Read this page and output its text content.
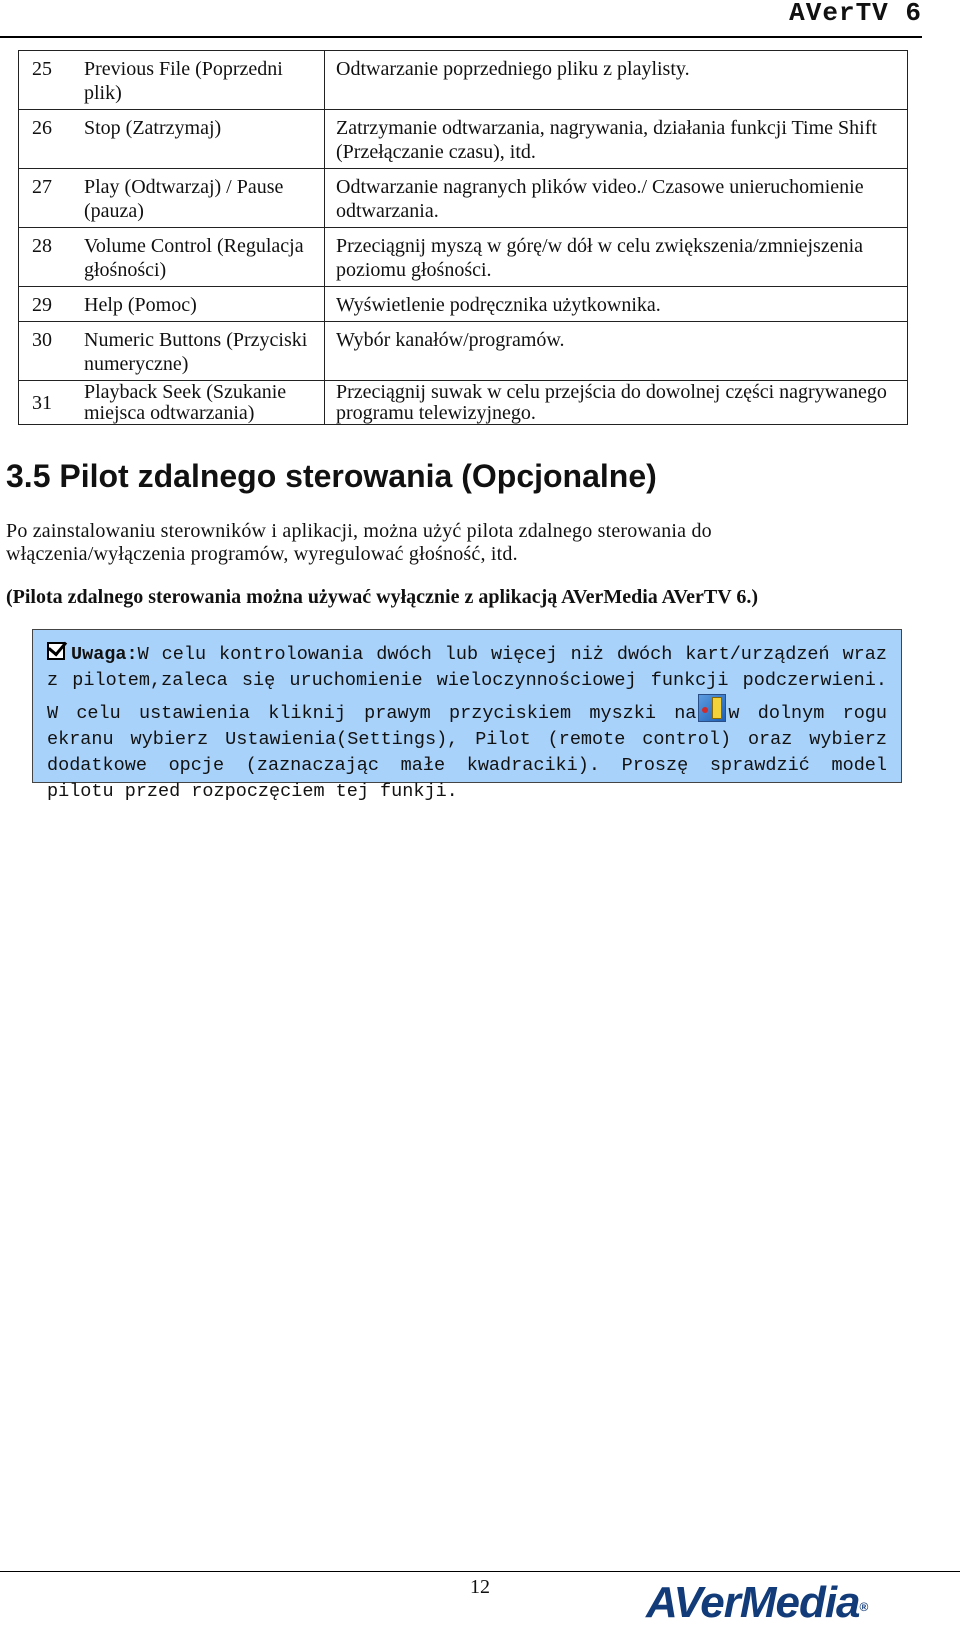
AVerTV 6
25	Previous File (Poprzedni plik)	Odtwarzanie poprzedniego pliku z playlisty.
26	Stop (Zatrzymaj)	Zatrzymanie odtwarzania, nagrywania, działania funkcji Time Shift (Przełączanie czasu), itd.
27	Play (Odtwarzaj) / Pause (pauza)	Odtwarzanie nagranych plików video./ Czasowe unieruchomienie odtwarzania.
28	Volume Control (Regulacja głośności)	Przeciągnij myszą w górę/w dół w celu zwiększenia/zmniejszenia poziomu głośności.
29	Help (Pomoc)	Wyświetlenie podręcznika użytkownika.
30	Numeric Buttons (Przyciski numeryczne)	Wybór kanałów/programów.
31	Playback Seek (Szukanie miejsca odtwarzania)	Przeciągnij suwak w celu przejścia do dowolnej części nagrywanego programu telewizyjnego.
3.5 Pilot zdalnego sterowania (Opcjonalne)

Po zainstalowaniu sterowników i aplikacji, można użyć pilota zdalnego sterowania do włączenia/wyłączenia programów, wyregulować głośność, itd.

(Pilota zdalnego sterowania można używać wyłącznie z aplikacją AVerMedia AVerTV 6.)

Uwaga:W celu kontrolowania dwóch lub więcej niż dwóch kart/urządzeń wraz z pilotem,zaleca się uruchomienie wieloczynnościowej funkcji podczerwieni. W celu ustawienia kliknij prawym przyciskiem myszki na w dolnym rogu ekranu wybierz Ustawienia(Settings), Pilot (remote control) oraz wybierz dodatkowe opcje (zaznaczając małe kwadraciki). Proszę sprawdzić model pilotu przed rozpoczęciem tej funkji.
12	AVerMedia®
